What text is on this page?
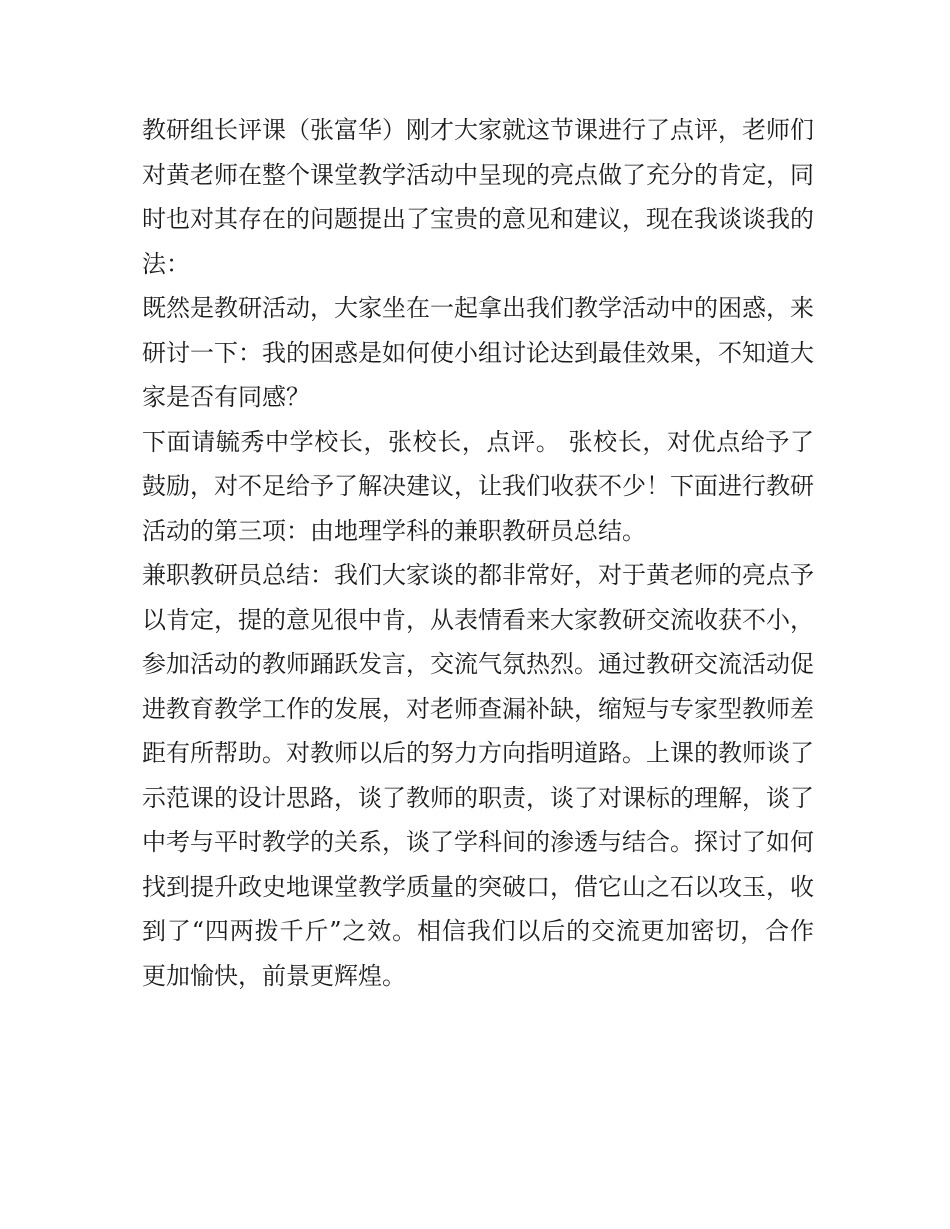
教研组长评课（张富华）刚才大家就这节课进行了点评，老师们对黄老师在整个课堂教学活动中呈现的亮点做了充分的肯定，同时也对其存在的问题提出了宝贵的意见和建议，现在我谈谈我的法：

既然是教研活动，大家坐在一起拿出我们教学活动中的困惑，来研讨一下：我的困惑是如何使小组讨论达到最佳效果，不知道大家是否有同感？

下面请毓秀中学校长，张校长，点评。 张校长，对优点给予了鼓励，对不足给予了解决建议，让我们收获不少！下面进行教研活动的第三项：由地理学科的兼职教研员总结。

兼职教研员总结：我们大家谈的都非常好，对于黄老师的亮点予以肯定，提的意见很中肯，从表情看来大家教研交流收获不小，参加活动的教师踊跃发言，交流气氛热烈。通过教研交流活动促进教育教学工作的发展，对老师查漏补缺，缩短与专家型教师差距有所帮助。对教师以后的努力方向指明道路。上课的教师谈了示范课的设计思路，谈了教师的职责，谈了对课标的理解，谈了中考与平时教学的关系，谈了学科间的渗透与结合。探讨了如何找到提升政史地课堂教学质量的突破口，借它山之石以攻玉，收到了“四两拨千斤”之效。相信我们以后的交流更加密切，合作更加愉快，前景更辉煌。
